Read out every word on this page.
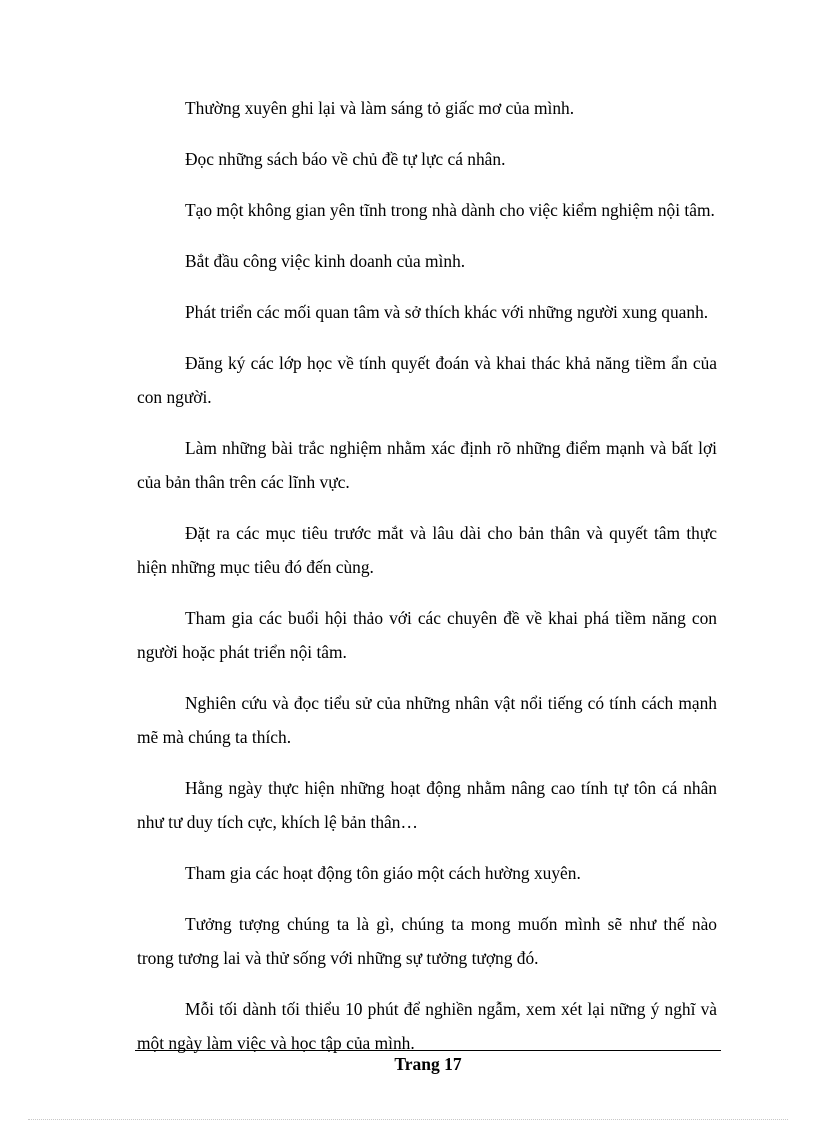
Thường xuyên ghi lại và làm sáng tỏ giấc mơ của mình.

Đọc những sách báo về chủ đề tự lực cá nhân.

Tạo một không gian yên tĩnh trong nhà dành cho việc kiểm nghiệm nội tâm.

Bắt đầu công việc kinh doanh của mình.

Phát triển các mối quan tâm và sở thích khác với những người xung quanh.

Đăng ký các lớp học về tính quyết đoán và khai thác khả năng tiềm ẩn của con người.

Làm những bài trắc nghiệm nhằm xác định rõ những điểm mạnh và bất lợi của bản thân trên các lĩnh vực.

Đặt ra các mục tiêu trước mắt và lâu dài cho bản thân và quyết tâm thực hiện những mục tiêu đó đến cùng.

Tham gia các buổi hội thảo với các chuyên đề về khai phá tiềm năng con người hoặc phát triển nội tâm.

Nghiên cứu và đọc tiểu sử của những nhân vật nổi tiếng có tính cách mạnh mẽ mà chúng ta thích.

Hằng ngày thực hiện những hoạt động nhằm nâng cao tính tự tôn cá nhân như tư duy tích cực, khích lệ bản thân…

Tham gia các hoạt động tôn giáo một cách hường xuyên.

Tưởng tượng chúng ta là gì, chúng ta mong muốn mình sẽ như thế nào trong tương lai và thử sống với những sự tưởng tượng đó.

Mỗi tối dành tối thiểu 10 phút để nghiền ngẫm, xem xét lại nững ý nghĩ và một ngày làm việc và học tập của mình.

Trang 17
